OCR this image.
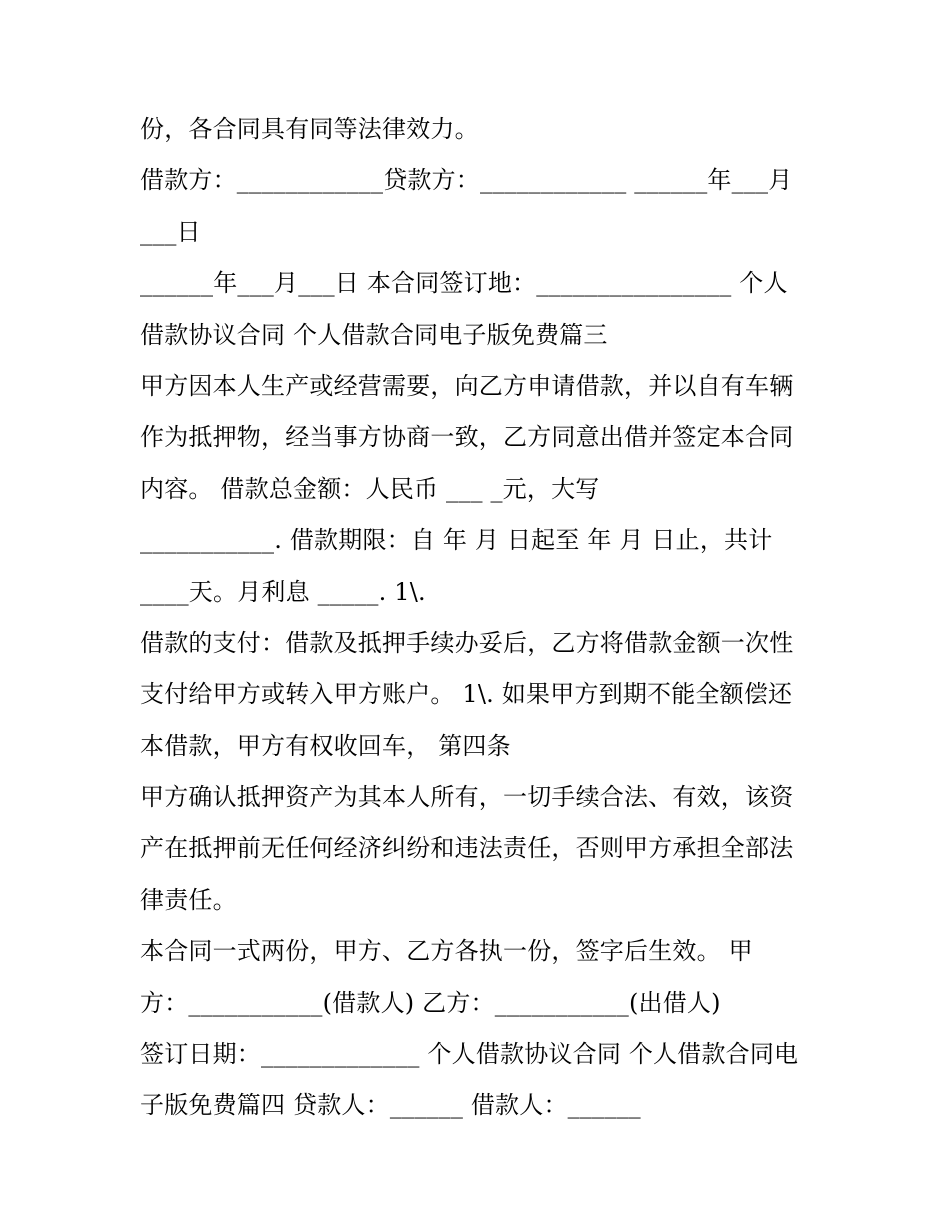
份，各合同具有同等法律效力。
借款方：____________贷款方：____________ ______年___月
___日
______年___月___日 本合同签订地：________________ 个人
借款协议合同 个人借款合同电子版免费篇三
甲方因本人生产或经营需要，向乙方申请借款，并以自有车辆
作为抵押物，经当事方协商一致，乙方同意出借并签定本合同
内容。 借款总金额：人民币 ___ _元，大写
___________. 借款期限：自 年 月 日起至 年 月 日止，共计
____天。月利息 _____. 1\.
借款的支付：借款及抵押手续办妥后，乙方将借款金额一次性
支付给甲方或转入甲方账户。 1\. 如果甲方到期不能全额偿还
本借款，甲方有权收回车， 第四条
甲方确认抵押资产为其本人所有，一切手续合法、有效，该资
产在抵押前无任何经济纠纷和违法责任，否则甲方承担全部法
律责任。
本合同一式两份，甲方、乙方各执一份，签字后生效。 甲
方：___________(借款人) 乙方：___________(出借人)
签订日期：_____________ 个人借款协议合同 个人借款合同电
子版免费篇四 贷款人：______ 借款人：______
